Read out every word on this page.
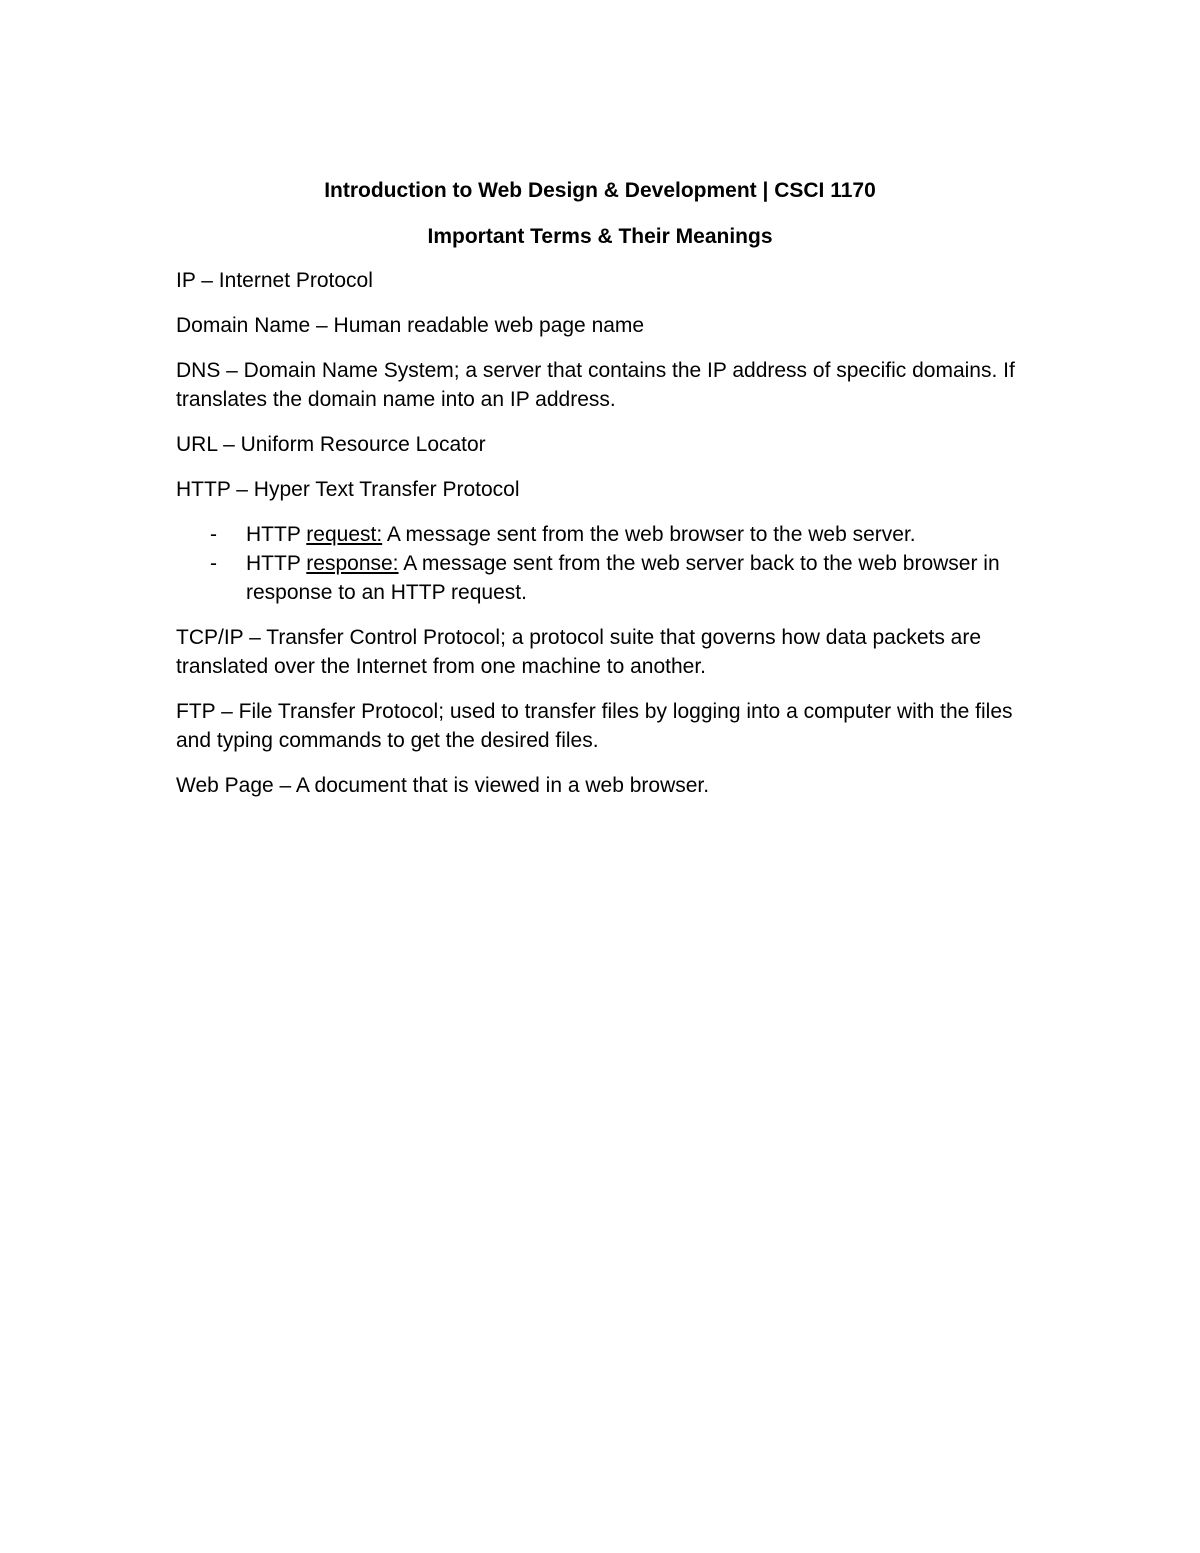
Introduction to Web Design & Development | CSCI 1170
Important Terms & Their Meanings

IP – Internet Protocol

Domain Name – Human readable web page name

DNS – Domain Name System; a server that contains the IP address of specific domains. If translates the domain name into an IP address.

URL – Uniform Resource Locator

HTTP – Hyper Text Transfer Protocol

- HTTP request: A message sent from the web browser to the web server.
- HTTP response: A message sent from the web server back to the web browser in response to an HTTP request.

TCP/IP – Transfer Control Protocol; a protocol suite that governs how data packets are translated over the Internet from one machine to another.

FTP – File Transfer Protocol; used to transfer files by logging into a computer with the files and typing commands to get the desired files.

Web Page – A document that is viewed in a web browser.
